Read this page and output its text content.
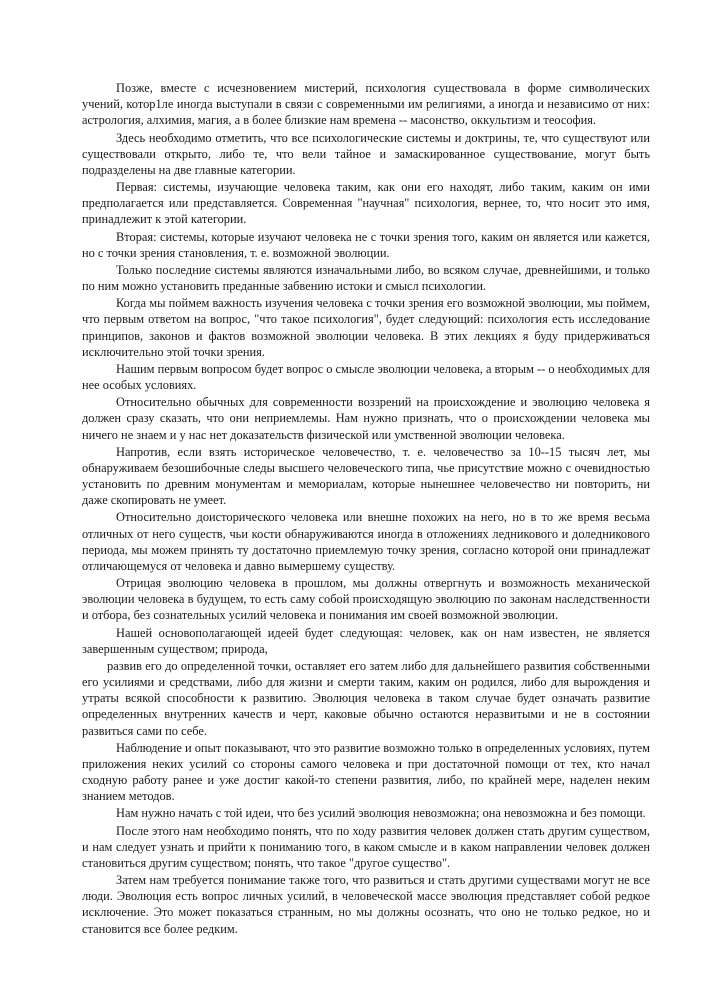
Позже, вместе с исчезновением мистерий, психология существовала в форме символических учений, котор1ле иногда выступали в связи с современными им религиями, а иногда и независимо от них: астрология, алхимия, магия, а в более близкие нам времена -- масонство, оккультизм и теософия.

Здесь необходимо отметить, что все психологические системы и доктрины, те, что существуют или существовали открыто, либо те, что вели тайное и замаскированное существование, могут быть подразделены на две главные категории.

Первая: системы, изучающие человека таким, как они его находят, либо таким, каким он ими предполагается или представляется. Современная "научная" психология, вернее, то, что носит это имя, принадлежит к этой категории.

Вторая: системы, которые изучают человека не с точки зрения того, каким он является или кажется, но с точки зрения становления, т. е. возможной эволюции.

Только последние системы являются изначальными либо, во всяком случае, древнейшими, и только по ним можно установить преданные забвению истоки и смысл психологии.

Когда мы поймем важность изучения человека с точки зрения его возможной эволюции, мы поймем, что первым ответом на вопрос, "что такое психология", будет следующий: психология есть исследование принципов, законов и фактов возможной эволюции человека. В этих лекциях я буду придерживаться исключительно этой точки зрения.

Нашим первым вопросом будет вопрос о смысле эволюции человека, а вторым -- о необходимых для нее особых условиях.

Относительно обычных для современности воззрений на происхождение и эволюцию человека я должен сразу сказать, что они неприемлемы. Нам нужно признать, что о происхождении человека мы ничего не знаем и у нас нет доказательств физической или умственной эволюции человека.

Напротив, если взять историческое человечество, т. е. человечество за 10--15 тысяч лет, мы обнаруживаем безошибочные следы высшего человеческого типа, чье присутствие можно с очевидностью установить по древним монументам и мемориалам, которые нынешнее человечество ни повторить, ни даже скопировать не умеет.

Относительно доисторического человека или внешне похожих на него, но в то же время весьма отличных от него существ, чьи кости обнаруживаются иногда в отложениях ледникового и доледникового периода, мы можем принять ту достаточно приемлемую точку зрения, согласно которой они принадлежат отличающемуся от человека и давно вымершему существу.

Отрицая эволюцию человека в прошлом, мы должны отвергнуть и возможность механической эволюции человека в будущем, то есть саму собой происходящую эволюцию по законам наследственности и отбора, без сознательных усилий человека и понимания им своей возможной эволюции.

Нашей основополагающей идеей будет следующая: человек, как он нам известен, не является завершенным существом; природа,

развив его до определенной точки, оставляет его затем либо для дальнейшего развития собственными его усилиями и средствами, либо для жизни и смерти таким, каким он родился, либо для вырождения и утраты всякой способности к развитию. Эволюция человека в таком случае будет означать развитие определенных внутренних качеств и черт, каковые обычно остаются неразвитыми и не в состоянии развиться сами по себе.

Наблюдение и опыт показывают, что это развитие возможно только в определенных условиях, путем приложения неких усилий со стороны самого человека и при достаточной помощи от тех, кто начал сходную работу ранее и уже достиг какой-то степени развития, либо, по крайней мере, наделен неким знанием методов.

Нам нужно начать с той идеи, что без усилий эволюция невозможна; она невозможна и без помощи.

После этого нам необходимо понять, что по ходу развития человек должен стать другим существом, и нам следует узнать и прийти к пониманию того, в каком смысле и в каком направлении человек должен становиться другим существом; понять, что такое "другое существо".

Затем нам требуется понимание также того, что развиться и стать другими существами могут не все люди. Эволюция есть вопрос личных усилий, в человеческой массе эволюция представляет собой редкое исключение. Это может показаться странным, но мы должны осознать, что оно не только редкое, но и становится все более редким.
